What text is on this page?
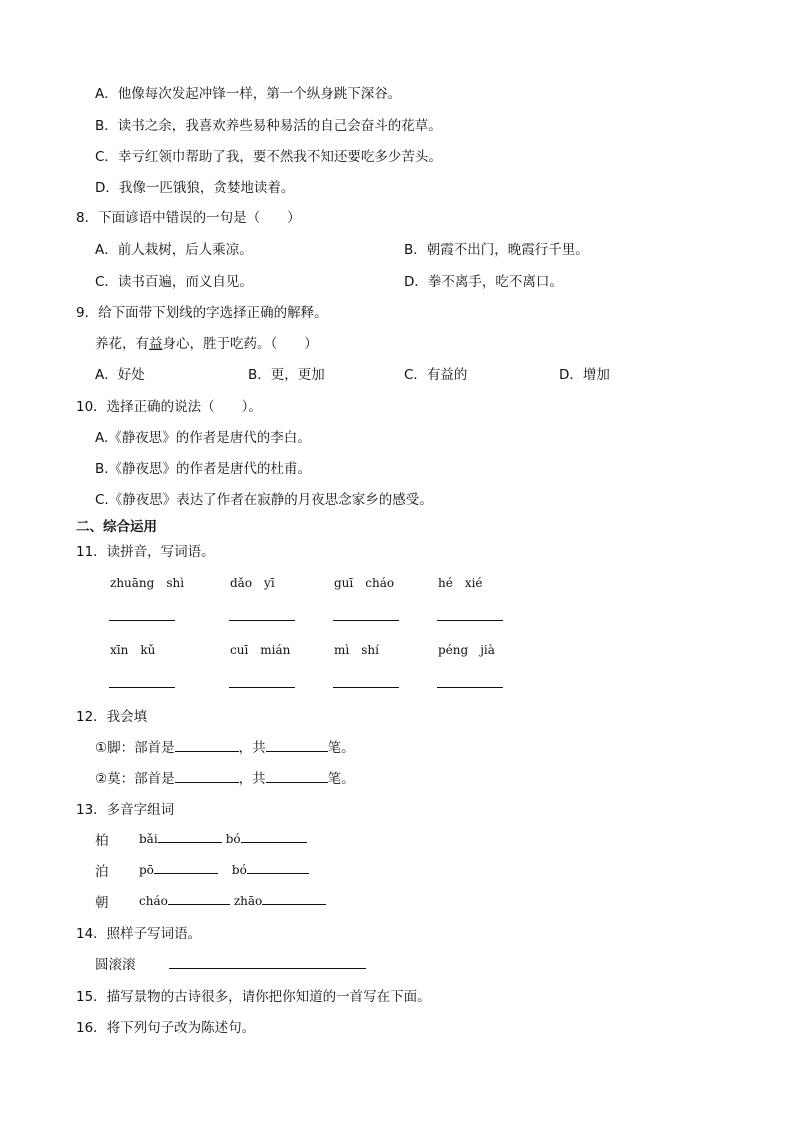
A．他像每次发起冲锋一样，第一个纵身跳下深谷。
B．读书之余，我喜欢养些易种易活的自己会奋斗的花草。
C．幸亏红领巾帮助了我，要不然我不知还要吃多少苦头。
D．我像一匹饿狼，贪婪地读着。
8．下面谚语中错误的一句是（　　）
A．前人栽树，后人乘凉。	B．朝霞不出门，晚霞行千里。
C．读书百遍，而义自见。	D．拳不离手，吃不离口。
9．给下面带下划线的字选择正确的解释。
养花，有益身心，胜于吃药。（　　）
A．好处	B．更，更加	C．有益的	D．增加
10．选择正确的说法（　　）。
A.《静夜思》的作者是唐代的李白。
B.《静夜思》的作者是唐代的杜甫。
C.《静夜思》表达了作者在寂静的月夜思念家乡的感受。
二、综合运用
11．读拼音，写词语。
zhuāng　shì	dǎo　yī	guī　cháo	hé　xié
xīn　kǔ	cuī　mián	mì　shí	péng　jià
12．我会填
①脚：部首是	，共	笔。
②莫：部首是	，共	笔。
13．多音字组词
柏	bǎi	bó
泊	pō	bó
朝	cháo	zhāo
14．照样子写词语。
圆滚滚
15．描写景物的古诗很多，请你把你知道的一首写在下面。
16．将下列句子改为陈述句。
